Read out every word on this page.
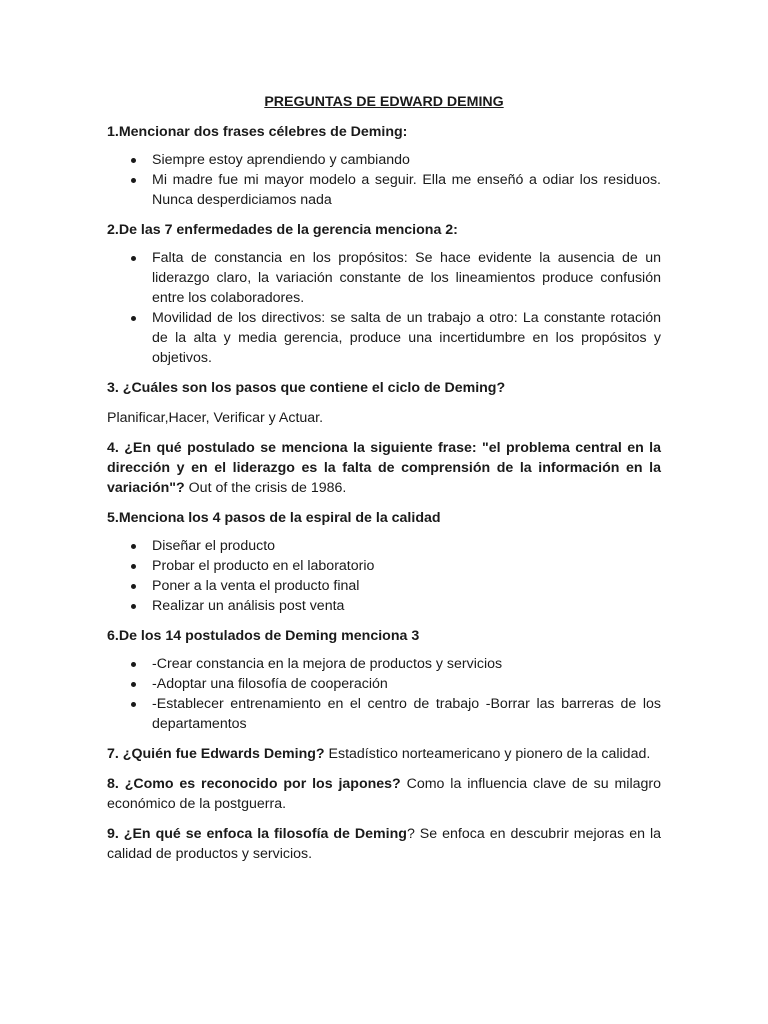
PREGUNTAS DE EDWARD DEMING

1.Mencionar dos frases célebres de Deming:

Siempre estoy aprendiendo y cambiando
Mi madre fue mi mayor modelo a seguir. Ella me enseñó a odiar los residuos. Nunca desperdiciamos nada

2.De las 7 enfermedades de la gerencia menciona 2:

Falta de constancia en los propósitos: Se hace evidente la ausencia de un liderazgo claro, la variación constante de los lineamientos produce confusión entre los colaboradores.
Movilidad de los directivos: se salta de un trabajo a otro: La constante rotación de la alta y media gerencia, produce una incertidumbre en los propósitos y objetivos.

3. ¿Cuáles son los pasos que contiene el ciclo de Deming?

Planificar,Hacer, Verificar y Actuar.

4. ¿En qué postulado se menciona la siguiente frase: "el problema central en la dirección y en el liderazgo es la falta de comprensión de la información en la variación"? Out of the crisis de 1986.

5.Menciona los 4 pasos de la espiral de la calidad

Diseñar el producto
Probar el producto en el laboratorio
Poner a la venta el producto final
Realizar un análisis post venta

6.De los 14 postulados de Deming menciona 3

-Crear constancia en la mejora de productos y servicios
-Adoptar una filosofía de cooperación
-Establecer entrenamiento en el centro de trabajo -Borrar las barreras de los departamentos

7. ¿Quién fue Edwards Deming? Estadístico norteamericano y pionero de la calidad.

8. ¿Como es reconocido por los japones? Como la influencia clave de su milagro económico de la postguerra.

9. ¿En qué se enfoca la filosofía de Deming? Se enfoca en descubrir mejoras en la calidad de productos y servicios.
